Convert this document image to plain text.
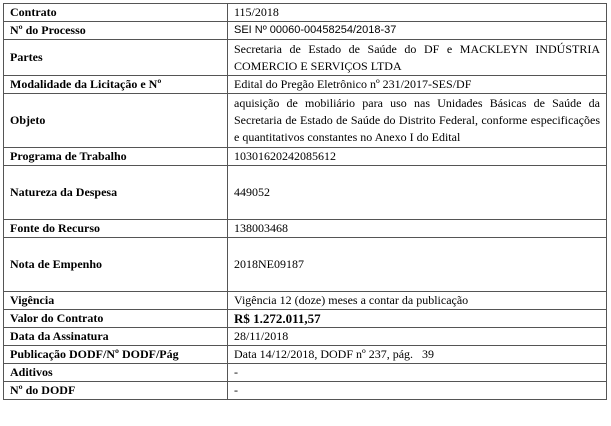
Contrato	115/2018
Nº do Processo	SEI Nº 00060-00458254/2018-37
Partes	Secretaria de Estado de Saúde do DF e MACKLEYN INDÚSTRIA COMERCIO E SERVIÇOS LTDA
Modalidade da Licitação e Nº	Edital do Pregão Eletrônico nº 231/2017-SES/DF
Objeto	aquisição de mobiliário para uso nas Unidades Básicas de Saúde da Secretaria de Estado de Saúde do Distrito Federal, conforme especificações e quantitativos constantes no Anexo I do Edital
Programa de Trabalho	10301620242085612
Natureza da Despesa	449052
Fonte do Recurso	138003468
Nota de Empenho	2018NE09187
Vigência	Vigência 12 (doze) meses a contar da publicação
Valor do Contrato	R$ 1.272.011,57
Data da Assinatura	28/11/2018
Publicação DODF/Nº DODF/Pág	Data 14/12/2018, DODF nº 237, pág.   39
Aditivos	-
Nº do DODF	-
